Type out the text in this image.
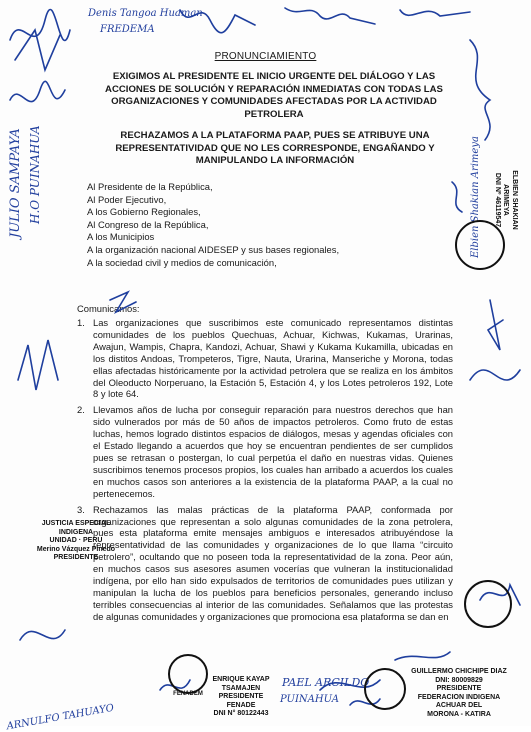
PRONUNCIAMIENTO
EXIGIMOS AL PRESIDENTE EL INICIO URGENTE DEL DIÁLOGO Y LAS ACCIONES DE SOLUCIÓN Y REPARACIÓN INMEDIATAS CON TODAS LAS ORGANIZACIONES Y COMUNIDADES AFECTADAS POR LA ACTIVIDAD PETROLERA
RECHAZAMOS A LA PLATAFORMA PAAP, PUES SE ATRIBUYE UNA REPRESENTATIVIDAD QUE NO LES CORRESPONDE, ENGAÑANDO Y MANIPULANDO LA INFORMACIÓN
Al Presidente de la República,
Al Poder Ejecutivo,
A los Gobierno Regionales,
Al Congreso de la República,
A los Municipios
A la organización nacional AIDESEP y sus bases regionales,
A la sociedad civil y medios de comunicación,
Comunicamos:
1. Las organizaciones que suscribimos este comunicado representamos distintas comunidades de los pueblos Quechuas, Achuar, Kichwas, Kukamas, Urarinas, Awajun, Wampis, Chapra, Kandozi, Achuar, Shawi y Kukama Kukamilla, ubicadas en los distitos Andoas, Trompeteros, Tigre, Nauta, Urarina, Manseriche y Morona, todas ellas afectadas históricamente por la actividad petrolera que se realiza en los ámbitos del Oleoducto Norperuano, la Estación 5, Estación 4, y los Lotes petroleros 192, Lote 8 y lote 64.
2. Llevamos años de lucha por conseguir reparación para nuestros derechos que han sido vulnerados por más de 50 años de impactos petroleros. Como fruto de estas luchas, hemos logrado distintos espacios de diálogos, mesas y agendas oficiales con el Estado llegando a acuerdos que hoy se encuentran pendientes de ser cumplidos pues se retrasan o postergan, lo cual perpetúa el daño en nuestras vidas. Quienes suscribimos tenemos procesos propios, los cuales han arribado a acuerdos los cuales en muchos casos son anteriores a la existencia de la plataforma PAAP, a la cual no pertenecemos.
3. Rechazamos las malas prácticas de la plataforma PAAP, conformada por organizaciones que representan a solo algunas comunidades de la zona petrolera, pues esta plataforma emite mensajes ambiguos e interesados atribuyéndose la representatividad de las comunidades y organizaciones de lo que llama “circuito petrolero”, ocultando que no poseen toda la representatividad de la zona. Peor aún, en muchos casos sus asesores asumen vocerías que vulneran la institucionalidad indígena, por ello han sido expulsados de territorios de comunidades pues utilizan y manipulan la lucha de los pueblos para beneficios personales, generando incluso terribles consecuencias al interior de las comunidades. Señalamos que las protestas de algunas comunidades y organizaciones que promociona esa plataforma se dan en
Denis Tangoa Huaman
FREDEMA
JULIO SAMPAYA H.O PUINAHUA
ARNULFO TAHUAYO
PAEL ARCILDO
PUINAHUA
Elbien Shakian Arimeya
JUSTICIA ESPECIAL INDIGENA
UNIDAD · PERU
Merino Vázquez Pinedo
PRESIDENTE
ENRIQUE KAYAP TSAMAJEN
PRESIDENTE FENADE
DNI N° 80122443
GUILLERMO CHICHIPE DIAZ
DNI: 80009829
PRESIDENTE
FEDERACION INDIGENA ACHUAR DEL
MORONA - KATIRA
ELBIEN SHAKIAN ARIMEYA
DNI Nº 46119547
FENADEM
